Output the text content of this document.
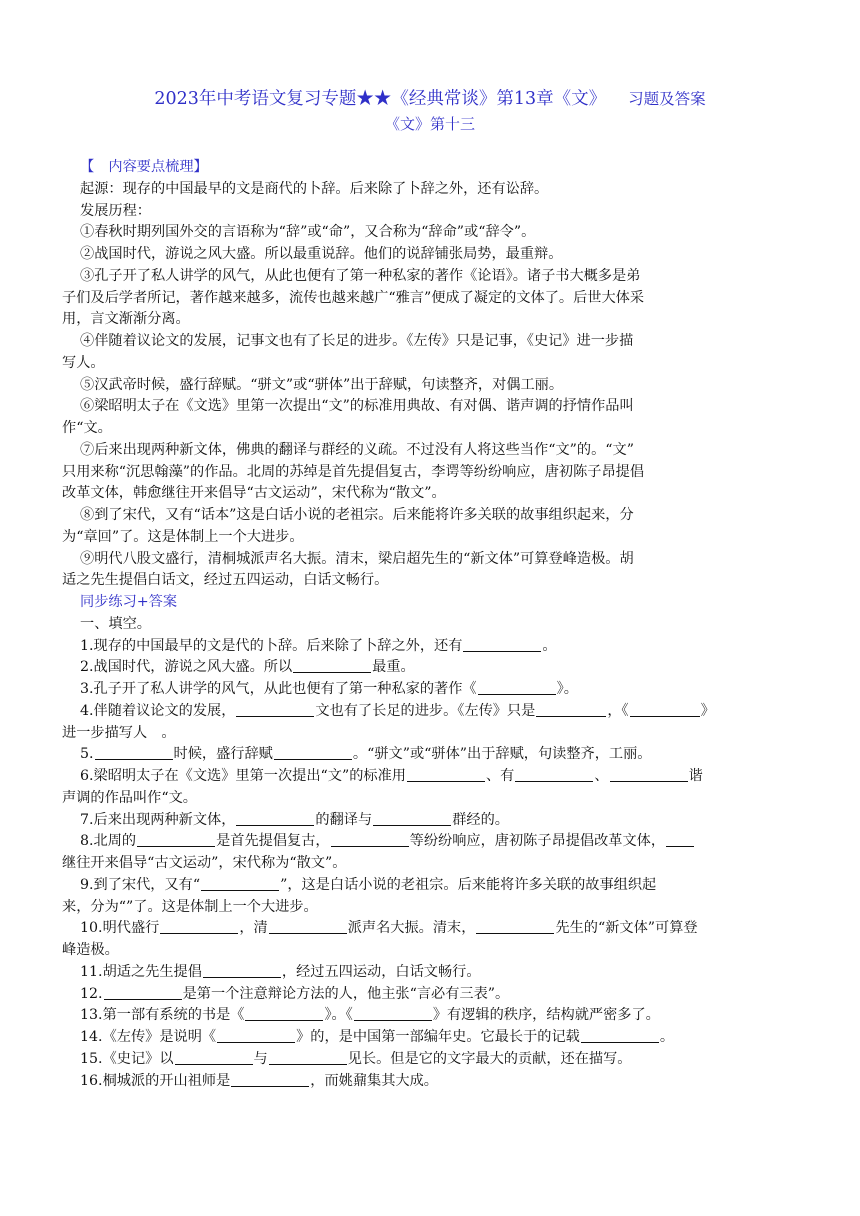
2023年中考语文复习专题★★《经典常谈》第13章《文》 习题及答案
《文》第十三

【　内容要点梳理】

起源：现存的中国最早的文是商代的卜辞。后来除了卜辞之外，还有讼辞。

发展历程：

①春秋时期列国外交的言语称为“辞”或“命”，又合称为“辞命”或“辞令”。

②战国时代，游说之风大盛。所以最重说辞。他们的说辞铺张局势，最重辩。

③孔子开了私人讲学的风气，从此也便有了第一种私家的著作《论语》。诸子书大概多是弟

子们及后学者所记，著作越来越多，流传也越来越广“雅言”便成了凝定的文体了。后世大体采

用，言文渐渐分离。

④伴随着议论文的发展，记事文也有了长足的进步。《左传》只是记事，《史记》进一步描

写人。

⑤汉武帝时候，盛行辞赋。“骈文”或“骈体”出于辞赋，句读整齐，对偶工丽。

⑥梁昭明太子在《文选》里第一次提出“文”的标准用典故、有对偶、谐声调的抒情作品叫

作“文。

⑦后来出现两种新文体，佛典的翻译与群经的义疏。不过没有人将这些当作“文”的。“文”

只用来称“沉思翰藻”的作品。北周的苏绰是首先提倡复古，李谔等纷纷响应，唐初陈子昂提倡

改革文体，韩愈继往开来倡导“古文运动”，宋代称为“散文”。

⑧到了宋代，又有“话本”这是白话小说的老祖宗。后来能将许多关联的故事组织起来，分

为“章回”了。这是体制上一个大进步。

⑨明代八股文盛行，清桐城派声名大振。清末，梁启超先生的“新文体”可算登峰造极。胡

适之先生提倡白话文，经过五四运动，白话文畅行。

同步练习+答案

一、填空。

1.现存的中国最早的文是代的卜辞。后来除了卜辞之外，还有	。

2.战国时代，游说之风大盛。所以	最重。

3.孔子开了私人讲学的风气，从此也便有了第一种私家的著作《	》。

4.伴随着议论文的发展，	文也有了长足的进步。《左传》只是	，《	》

进一步描写人　。

5.	时候，盛行辞赋	。“骈文”或“骈体”出于辞赋，句读整齐，工丽。

6.梁昭明太子在《文选》里第一次提出“文”的标准用	、有	、	谐

声调的作品叫作“文。

7.后来出现两种新文体，	的翻译与	群经的。

8.北周的	是首先提倡复古，	等纷纷响应，唐初陈子昂提倡改革文体，

继往开来倡导“古文运动”，宋代称为“散文”。

9.到了宋代，又有“	”，这是白话小说的老祖宗。后来能将许多关联的故事组织起

来，分为“”了。这是体制上一个大进步。

10.明代盛行	，清	派声名大振。清末，	先生的“新文体”可算登

峰造极。

11.胡适之先生提倡	，经过五四运动，白话文畅行。

12.	是第一个注意辩论方法的人，他主张“言必有三表”。

13.第一部有系统的书是《	》。《	》有逻辑的秩序，结构就严密多了。

14.《左传》是说明《	》的，是中国第一部编年史。它最长于的记载	。

15.《史记》以	与	见长。但是它的文字最大的贡献，还在描写。

16.桐城派的开山祖师是	，而姚鼐集其大成。
